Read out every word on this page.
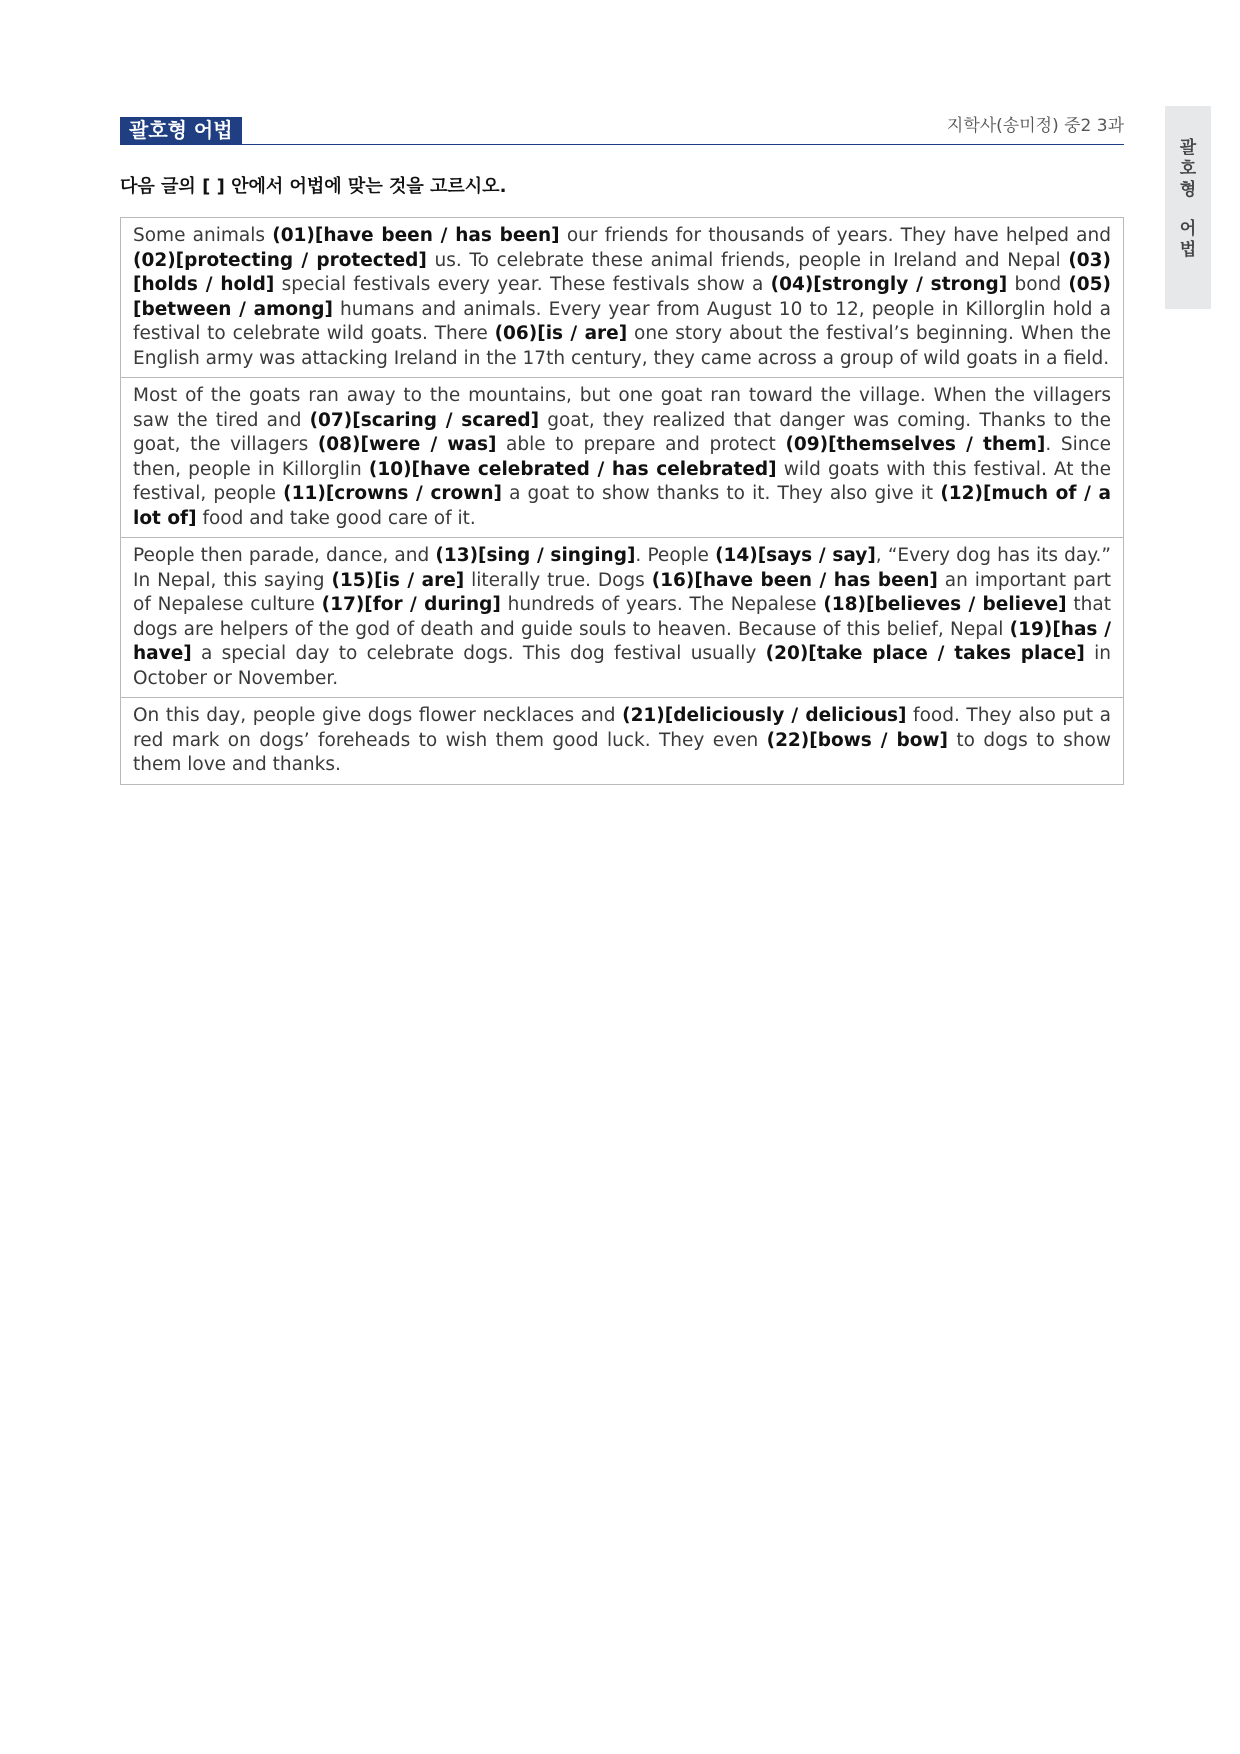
괄호형 어법	지학사(송미정) 중2 3과
괄
호
형
어
법
다음 글의 [ ] 안에서 어법에 맞는 것을 고르시오.
Some animals (01)[have been / has been] our friends for thousands of years. They have helped and (02)[protecting / protected] us. To celebrate these animal friends, people in Ireland and Nepal (03)[holds / hold] special festivals every year. These festivals show a (04)[strongly / strong] bond (05)[between / among] humans and animals. Every year from August 10 to 12, people in Killorglin hold a festival to celebrate wild goats. There (06)[is / are] one story about the festival’s beginning. When the English army was attacking Ireland in the 17th century, they came across a group of wild goats in a field.
Most of the goats ran away to the mountains, but one goat ran toward the village. When the villagers saw the tired and (07)[scaring / scared] goat, they realized that danger was coming. Thanks to the goat, the villagers (08)[were / was] able to prepare and protect (09)[themselves / them]. Since then, people in Killorglin (10)[have celebrated / has celebrated] wild goats with this festival. At the festival, people (11)[crowns / crown] a goat to show thanks to it. They also give it (12)[much of / a lot of] food and take good care of it.
People then parade, dance, and (13)[sing / singing]. People (14)[says / say], “Every dog has its day.” In Nepal, this saying (15)[is / are] literally true. Dogs (16)[have been / has been] an important part of Nepalese culture (17)[for / during] hundreds of years. The Nepalese (18)[believes / believe] that dogs are helpers of the god of death and guide souls to heaven. Because of this belief, Nepal (19)[has / have] a special day to celebrate dogs. This dog festival usually (20)[take place / takes place] in October or November.
On this day, people give dogs flower necklaces and (21)[deliciously / delicious] food. They also put a red mark on dogs’ foreheads to wish them good luck. They even (22)[bows / bow] to dogs to show them love and thanks.
